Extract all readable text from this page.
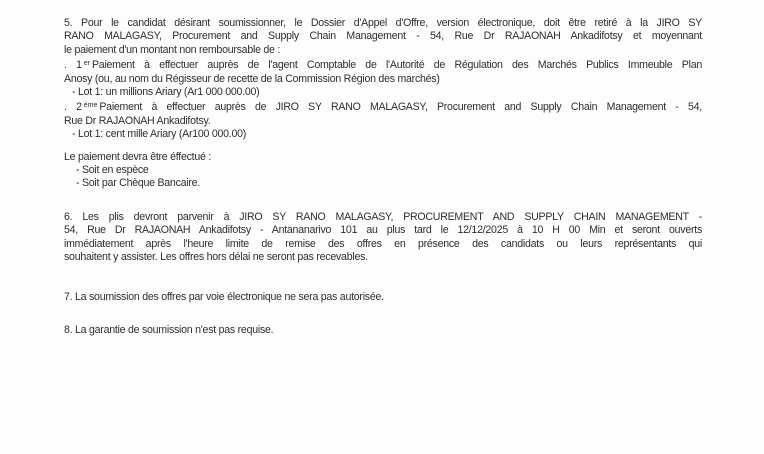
5. Pour le candidat désirant soumissionner, le Dossier d'Appel d'Offre, version électronique, doit être retiré à la JIRO SY
RANO MALAGASY, Procurement and Supply Chain Management - 54, Rue Dr RAJAONAH Ankadifotsy et moyennant
le paiement d'un montant non remboursable de :
. 1 $^{er}$ Paiement à effectuer auprès de l'agent Comptable de l'Autorité de Régulation des Marchés Publics Immeuble Plan
Anosy (ou, au nom du Régisseur de recette de la Commission Région des marchés)
- Lot 1: un millions Ariary (Ar1 000 000.00)
. 2 $^{ème}$ Paiement à effectuer auprès de JIRO SY RANO MALAGASY, Procurement and Supply Chain Management - 54,
Rue Dr RAJAONAH Ankadifotsy.
- Lot 1: cent mille Ariary (Ar100 000.00)
Le paiement devra être éffectué :
- Soit en espèce
- Soit par Chèque Bancaire.
6. Les plis devront parvenir à JIRO SY RANO MALAGASY, PROCUREMENT AND SUPPLY CHAIN MANAGEMENT -
54, Rue Dr RAJAONAH Ankadifotsy - Antananarivo 101 au plus tard le 12/12/2025 à 10 H 00 Min et seront ouverts
immédiatement après l'heure limite de remise des offres en présence des candidats ou leurs représentants qui
souhaitent y assister. Les offres hors délai ne seront pas recevables.
7. La soumission des offres par voie électronique ne sera pas autorisée.
8. La garantie de soumission n'est pas requise.
